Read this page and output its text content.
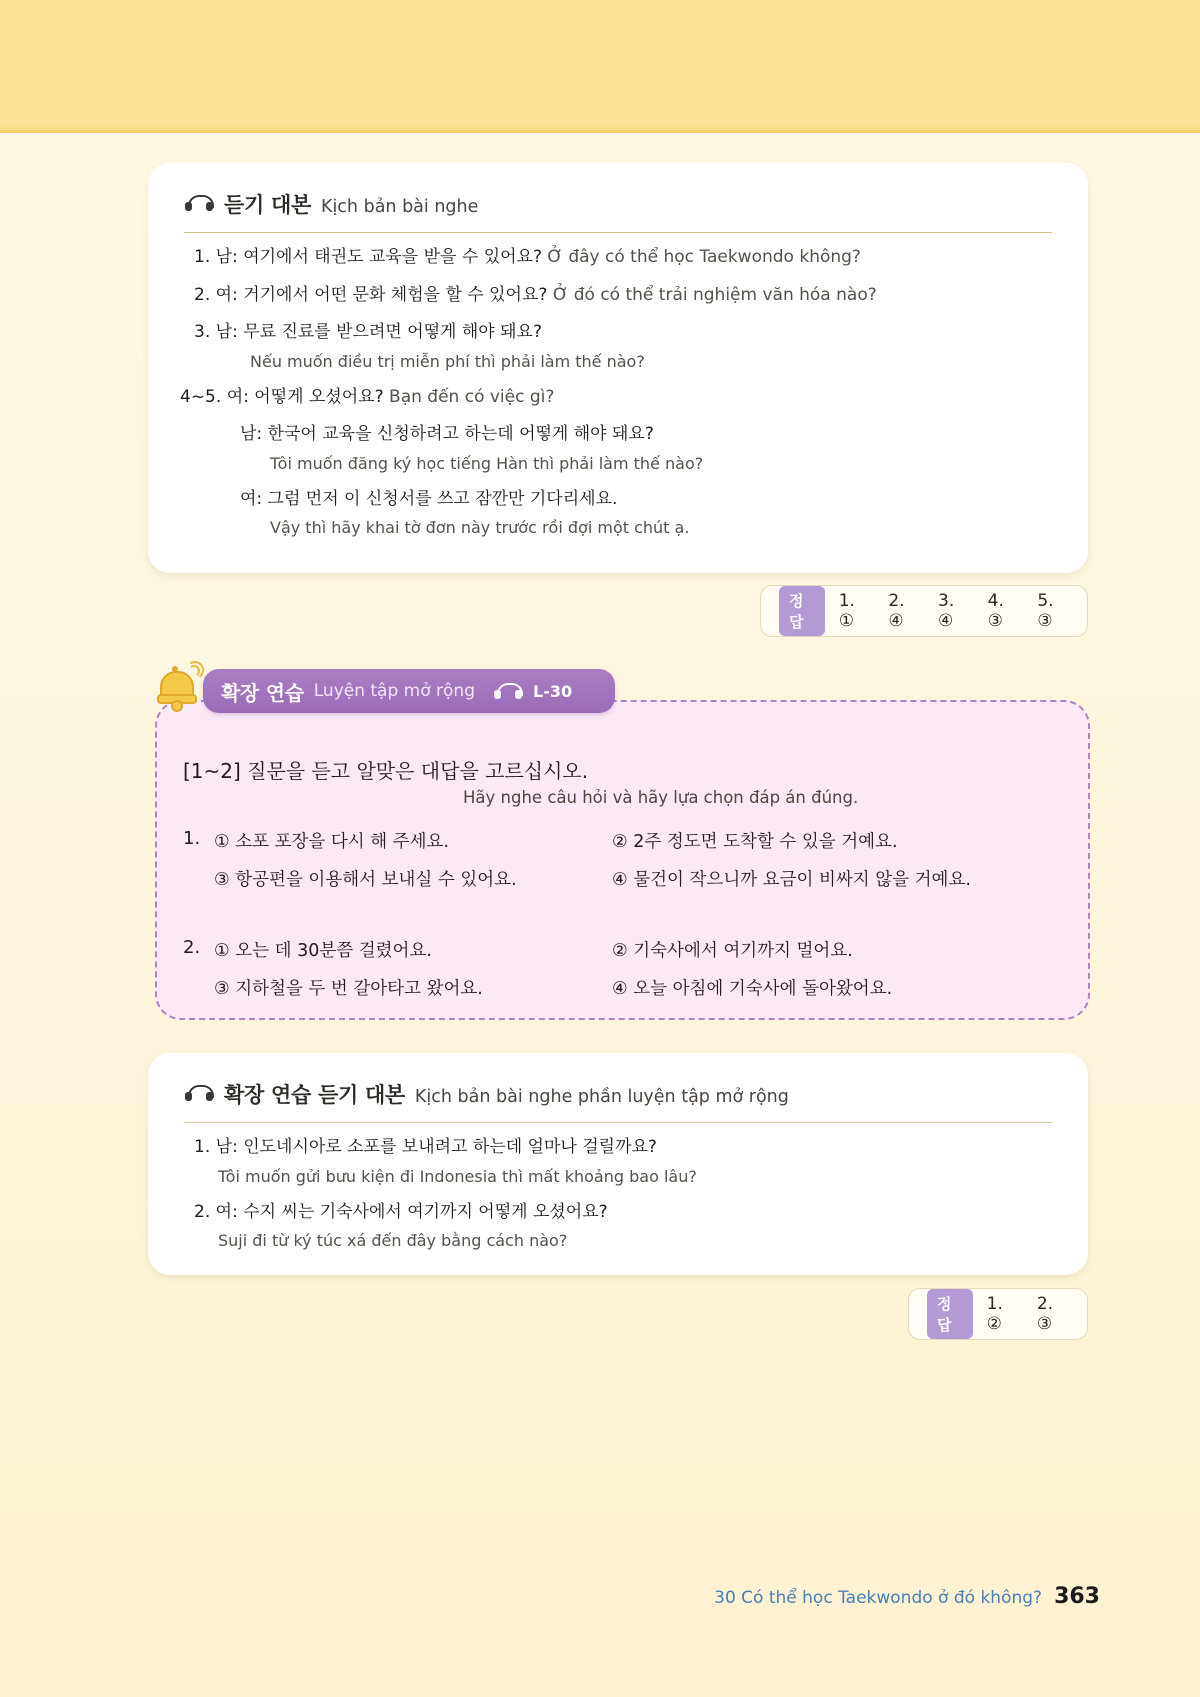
듣기 대본 Kịch bản bài nghe
1. 남: 여기에서 태권도 교육을 받을 수 있어요? Ở đây có thể học Taekwondo không?
2. 여: 거기에서 어떤 문화 체험을 할 수 있어요? Ở đó có thể trải nghiệm văn hóa nào?
3. 남: 무료 진료를 받으려면 어떻게 해야 돼요?
Nếu muốn điều trị miễn phí thì phải làm thế nào?
4~5. 여: 어떻게 오셨어요? Bạn đến có việc gì?
남: 한국어 교육을 신청하려고 하는데 어떻게 해야 돼요?
Tôi muốn đăng ký học tiếng Hàn thì phải làm thế nào?
여: 그럼 먼저 이 신청서를 쓰고 잠깐만 기다리세요.
Vậy thì hãy khai tờ đơn này trước rồi đợi một chút ạ.
정답
1. ①
2. ④
3. ④
4. ③
5. ③
확장 연습 Luyện tập mở rộng	L-30
[1~2] 질문을 듣고 알맞은 대답을 고르십시오.
Hãy nghe câu hỏi và hãy lựa chọn đáp án đúng.
1. ① 소포 포장을 다시 해 주세요.	② 2주 정도면 도착할 수 있을 거예요.
③ 항공편을 이용해서 보내실 수 있어요.	④ 물건이 작으니까 요금이 비싸지 않을 거예요.
2. ① 오는 데 30분쯤 걸렸어요.	② 기숙사에서 여기까지 멀어요.
③ 지하철을 두 번 갈아타고 왔어요.	④ 오늘 아침에 기숙사에 돌아왔어요.
확장 연습 듣기 대본 Kịch bản bài nghe phần luyện tập mở rộng
1. 남: 인도네시아로 소포를 보내려고 하는데 얼마나 걸릴까요?
Tôi muốn gửi bưu kiện đi Indonesia thì mất khoảng bao lâu?
2. 여: 수지 씨는 기숙사에서 여기까지 어떻게 오셨어요?
Suji đi từ ký túc xá đến đây bằng cách nào?
정답
1. ②
2. ③
30 Có thể học Taekwondo ở đó không? 363
